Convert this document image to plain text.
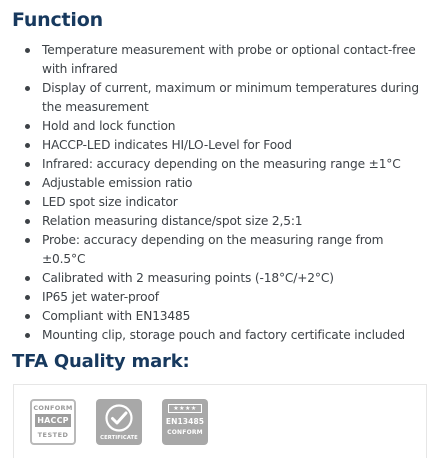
Function
Temperature measurement with probe or optional contact-free with infrared
Display of current, maximum or minimum temperatures during the measurement
Hold and lock function
HACCP-LED indicates HI/LO-Level for Food
Infrared: accuracy depending on the measuring range ±1°C
Adjustable emission ratio
LED spot size indicator
Relation measuring distance/spot size 2,5:1
Probe: accuracy depending on the measuring range from ±0.5°C
Calibrated with 2 measuring points (-18°C/+2°C)
IP65 jet water-proof
Compliant with EN13485
Mounting clip, storage pouch and factory certificate included
TFA Quality mark:
CONFORM
HACCP
TESTED	CERTIFICATE
★★★★
EN13485
CONFORM
